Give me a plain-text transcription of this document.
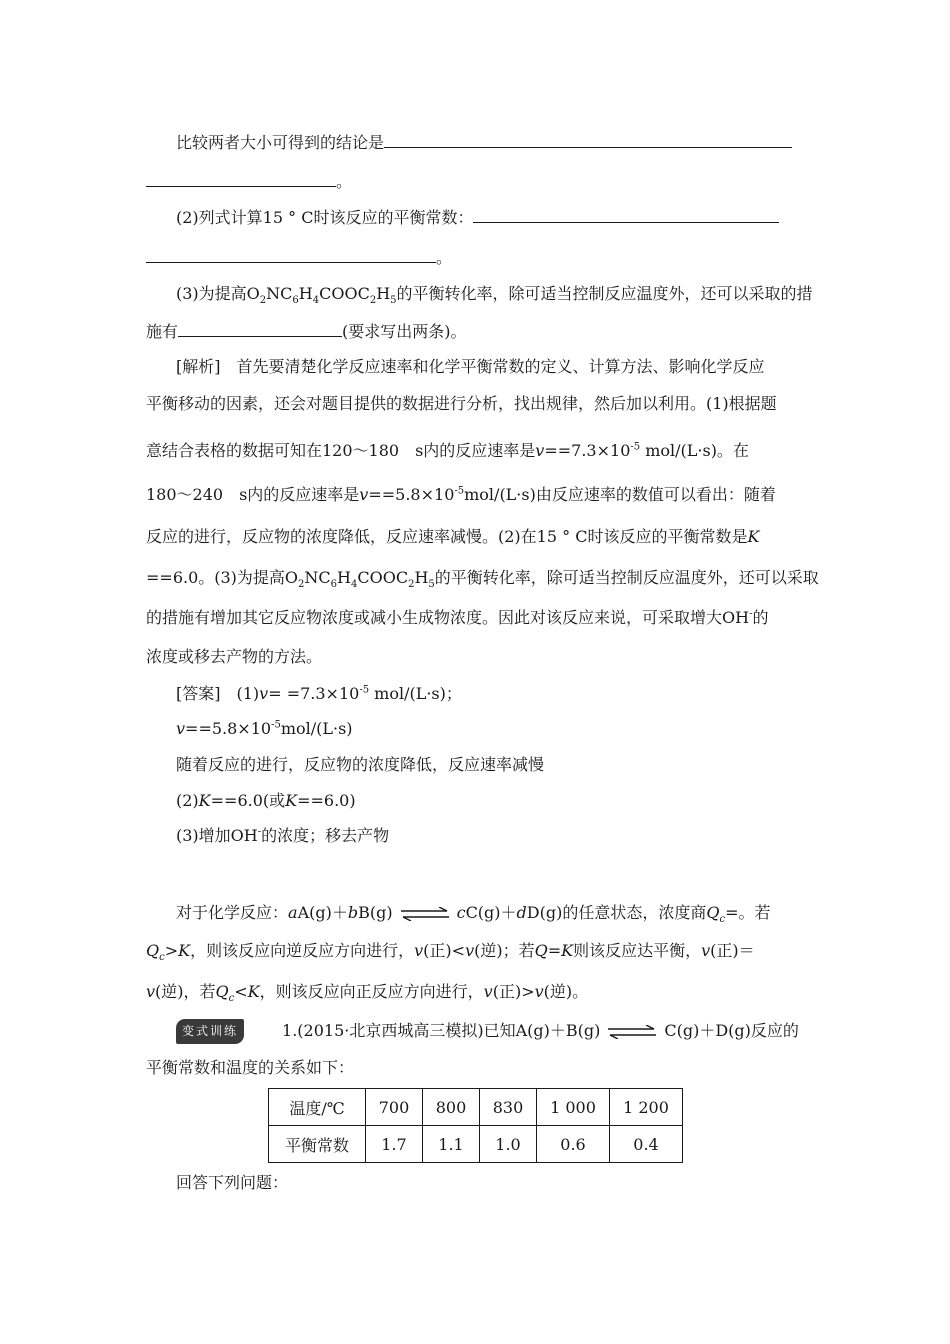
比较两者大小可得到的结论是
。
(2)列式计算15 ° C时该反应的平衡常数：
。
(3)为提高$O_2NC_6H_4COOC_2H_5$的平衡转化率，除可适当控制反应温度外，还可以采取的措
施有	(要求写出两条)。
[解析]　首先要清楚化学反应速率和化学平衡常数的定义、计算方法、影响化学反应
平衡移动的因素，还会对题目提供的数据进行分析，找出规律，然后加以利用。(1)根据题
意结合表格的数据可知在120～180　s内的反应速率是$v==7.3\times 10^{-5}$ mol/(L·s)。在
180～240　s内的反应速率是$v==5.8\times 10^{-5}mol/(L\cdot s)$由反应速率的数值可以看出：随着
反应的进行，反应物的浓度降低，反应速率减慢。(2)在15 ° C时该反应的平衡常数是K
==6.0。(3)为提高$O_2NC_6H_4COOC_2H_5$的平衡转化率，除可适当控制反应温度外，还可以采取
的措施有增加其它反应物浓度或减小生成物浓度。因此对该反应来说，可采取增大OH-的
浓度或移去产物的方法。
[答案]　$(1)v= =7.3\times 10^{-5}$ mol/(L·s)；
$v==5.8\times 10^{-5}mol/(L\cdot s)$
随着反应的进行，反应物的浓度降低，反应速率减慢
(2)K==6.0(或K==6.0)
(3)增加OH-的浓度；移去产物
对于化学反应：aA(g)＋bB(g) ⇌ cC(g)＋dD(g)的任意状态，浓度商$Q_c=$。若
$Q_c>K$，则该反应向逆反应方向进行，v(正)<v(逆)；若Q=K则该反应达平衡，v(正)＝
v(逆)，若$Q_c<K$，则该反应向正反应方向进行，v(正)>v(逆)。
变式训练	1.(2015·北京西城高三模拟)已知A(g)＋B(g) ⇌ C(g)＋D(g)反应的
平衡常数和温度的关系如下：
温度/℃	700	800	830	1 000	1 200
平衡常数	1.7	1.1	1.0	0.6	0.4
回答下列问题：
